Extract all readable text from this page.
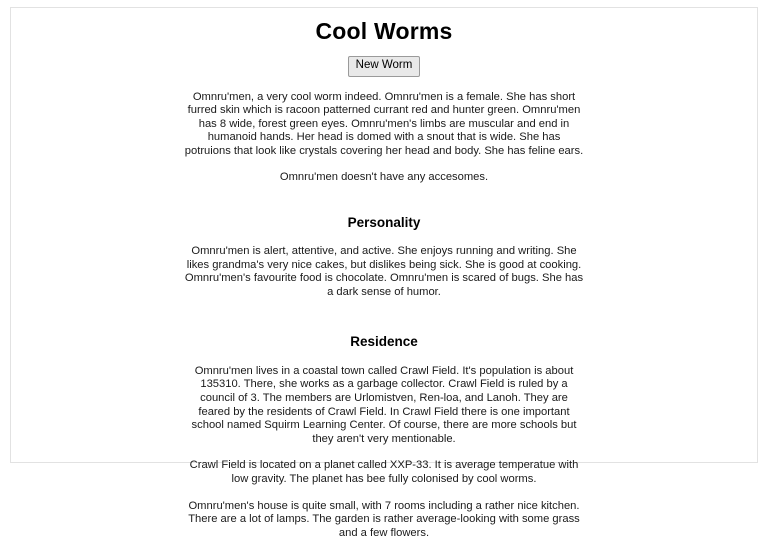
Cool Worms
New Worm

Omnru'men, a very cool worm indeed. Omnru'men is a female. She has short furred skin which is racoon patterned currant red and hunter green. Omnru'men has 8 wide, forest green eyes. Omnru'men's limbs are muscular and end in humanoid hands. Her head is domed with a snout that is wide. She has potruions that look like crystals covering her head and body. She has feline ears.

Omnru'men doesn't have any accesomes.

Personality

Omnru'men is alert, attentive, and active. She enjoys running and writing. She likes grandma's very nice cakes, but dislikes being sick. She is good at cooking. Omnru'men's favourite food is chocolate. Omnru'men is scared of bugs. She has a dark sense of humor.

Residence

Omnru'men lives in a coastal town called Crawl Field. It's population is about 135310. There, she works as a garbage collector. Crawl Field is ruled by a council of 3. The members are Urlomistven, Ren-loa, and Lanoh. They are feared by the residents of Crawl Field. In Crawl Field there is one important school named Squirm Learning Center. Of course, there are more schools but they aren't very mentionable.

Crawl Field is located on a planet called XXP-33. It is average temperatue with low gravity. The planet has bee fully colonised by cool worms.

Omnru'men's house is quite small, with 7 rooms including a rather nice kitchen. There are a lot of lamps. The garden is rather average-looking with some grass and a few flowers.
